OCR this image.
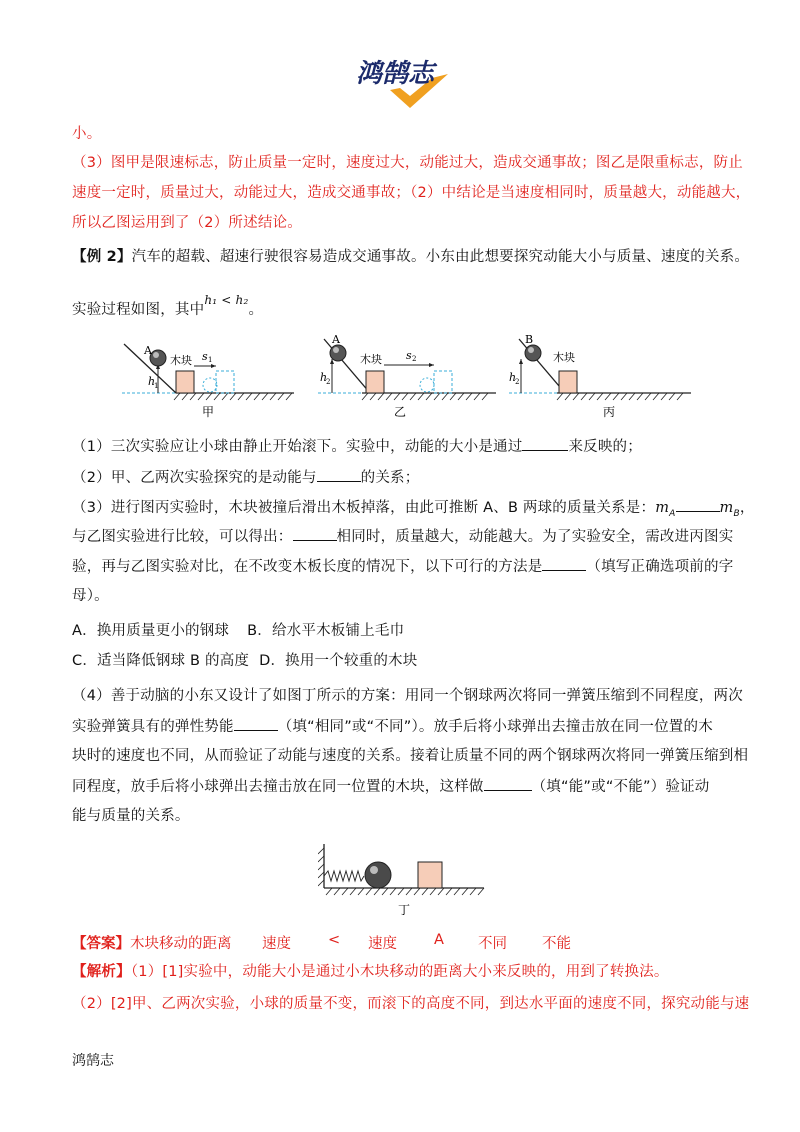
鸿鹄志
小。
（3）图甲是限速标志，防止质量一定时，速度过大，动能过大，造成交通事故；图乙是限重标志，防止
速度一定时，质量过大，动能过大，造成交通事故；（2）中结论是当速度相同时，质量越大，动能越大，
所以乙图运用到了（2）所述结论。
【例 2】汽车的超载、超速行驶很容易造成交通事故。小东由此想要探究动能大小与质量、速度的关系。
实验过程如图，其中$^{h_1 < h_2}$。
h
1
A
木块 s 1
甲
h
2
A
木块 s 2
乙
h
2
B
木块
丙
（1）三次实验应让小球由静止开始滚下。实验中，动能的大小是通过	来反映的；
（2）甲、乙两次实验探究的是动能与	的关系；
（3）进行图丙实验时，木块被撞后滑出木板掉落，由此可推断 A、B 两球的质量关系是：$m_A$	$m_B$，
与乙图实验进行比较，可以得出：	相同时，质量越大，动能越大。为了实验安全，需改进丙图实
验，再与乙图实验对比，在不改变木板长度的情况下，以下可行的方法是	（填写正确选项前的字
母）。
A．换用质量更小的钢球 B．给水平木板铺上毛巾
C．适当降低钢球 B 的高度 D．换用一个较重的木块
（4）善于动脑的小东又设计了如图丁所示的方案：用同一个钢球两次将同一弹簧压缩到不同程度，两次
实验弹簧具有的弹性势能	（填“相同”或“不同”）。放手后将小球弹出去撞击放在同一位置的木
块时的速度也不同，从而验证了动能与速度的关系。接着让质量不同的两个钢球两次将同一弹簧压缩到相
同程度，放手后将小球弹出去撞击放在同一位置的木块，这样做	（填“能”或“不能”）验证动
能与质量的关系。
丁
【答案】 木块移动的距离 速度	< 速度	A 不同 不能
【解析】（1）[1]实验中，动能大小是通过小木块移动的距离大小来反映的，用到了转换法。
（2）[2]甲、乙两次实验，小球的质量不变，而滚下的高度不同，到达水平面的速度不同，探究动能与速
鸿鹄志
